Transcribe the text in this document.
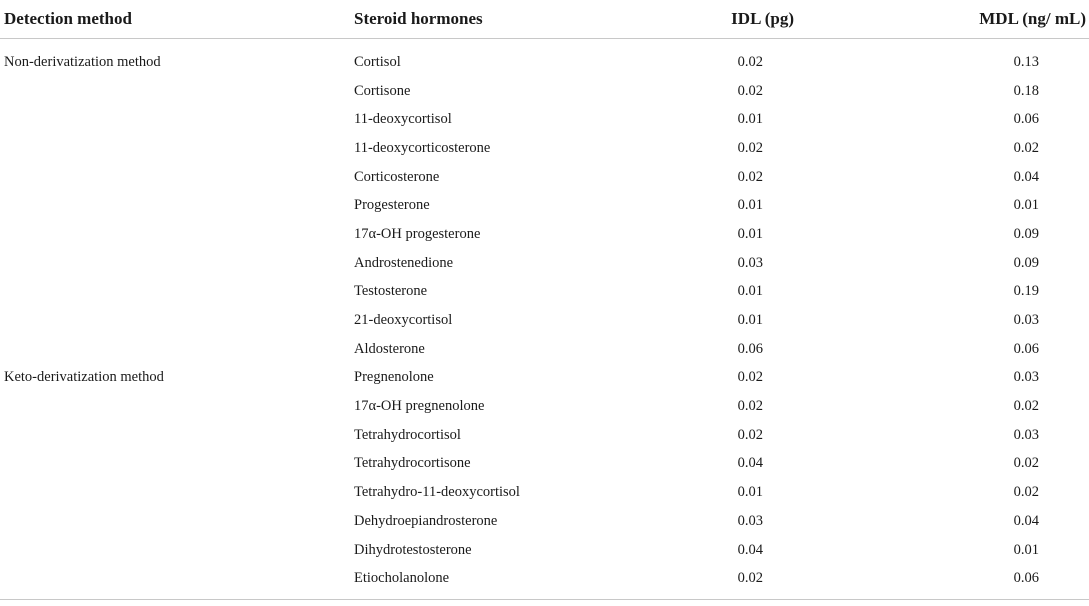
Detection method	Steroid hormones	IDL (pg)	MDL (ng/ mL)
Non-derivatization method	Cortisol	0.02	0.13
	Cortisone	0.02	0.18
	11-deoxycortisol	0.01	0.06
	11-deoxycorticosterone	0.02	0.02
	Corticosterone	0.02	0.04
	Progesterone	0.01	0.01
	17α-OH progesterone	0.01	0.09
	Androstenedione	0.03	0.09
	Testosterone	0.01	0.19
	21-deoxycortisol	0.01	0.03
	Aldosterone	0.06	0.06
Keto-derivatization method	Pregnenolone	0.02	0.03
	17α-OH pregnenolone	0.02	0.02
	Tetrahydrocortisol	0.02	0.03
	Tetrahydrocortisone	0.04	0.02
	Tetrahydro-11-deoxycortisol	0.01	0.02
	Dehydroepiandrosterone	0.03	0.04
	Dihydrotestosterone	0.04	0.01
	Etiocholanolone	0.02	0.06
